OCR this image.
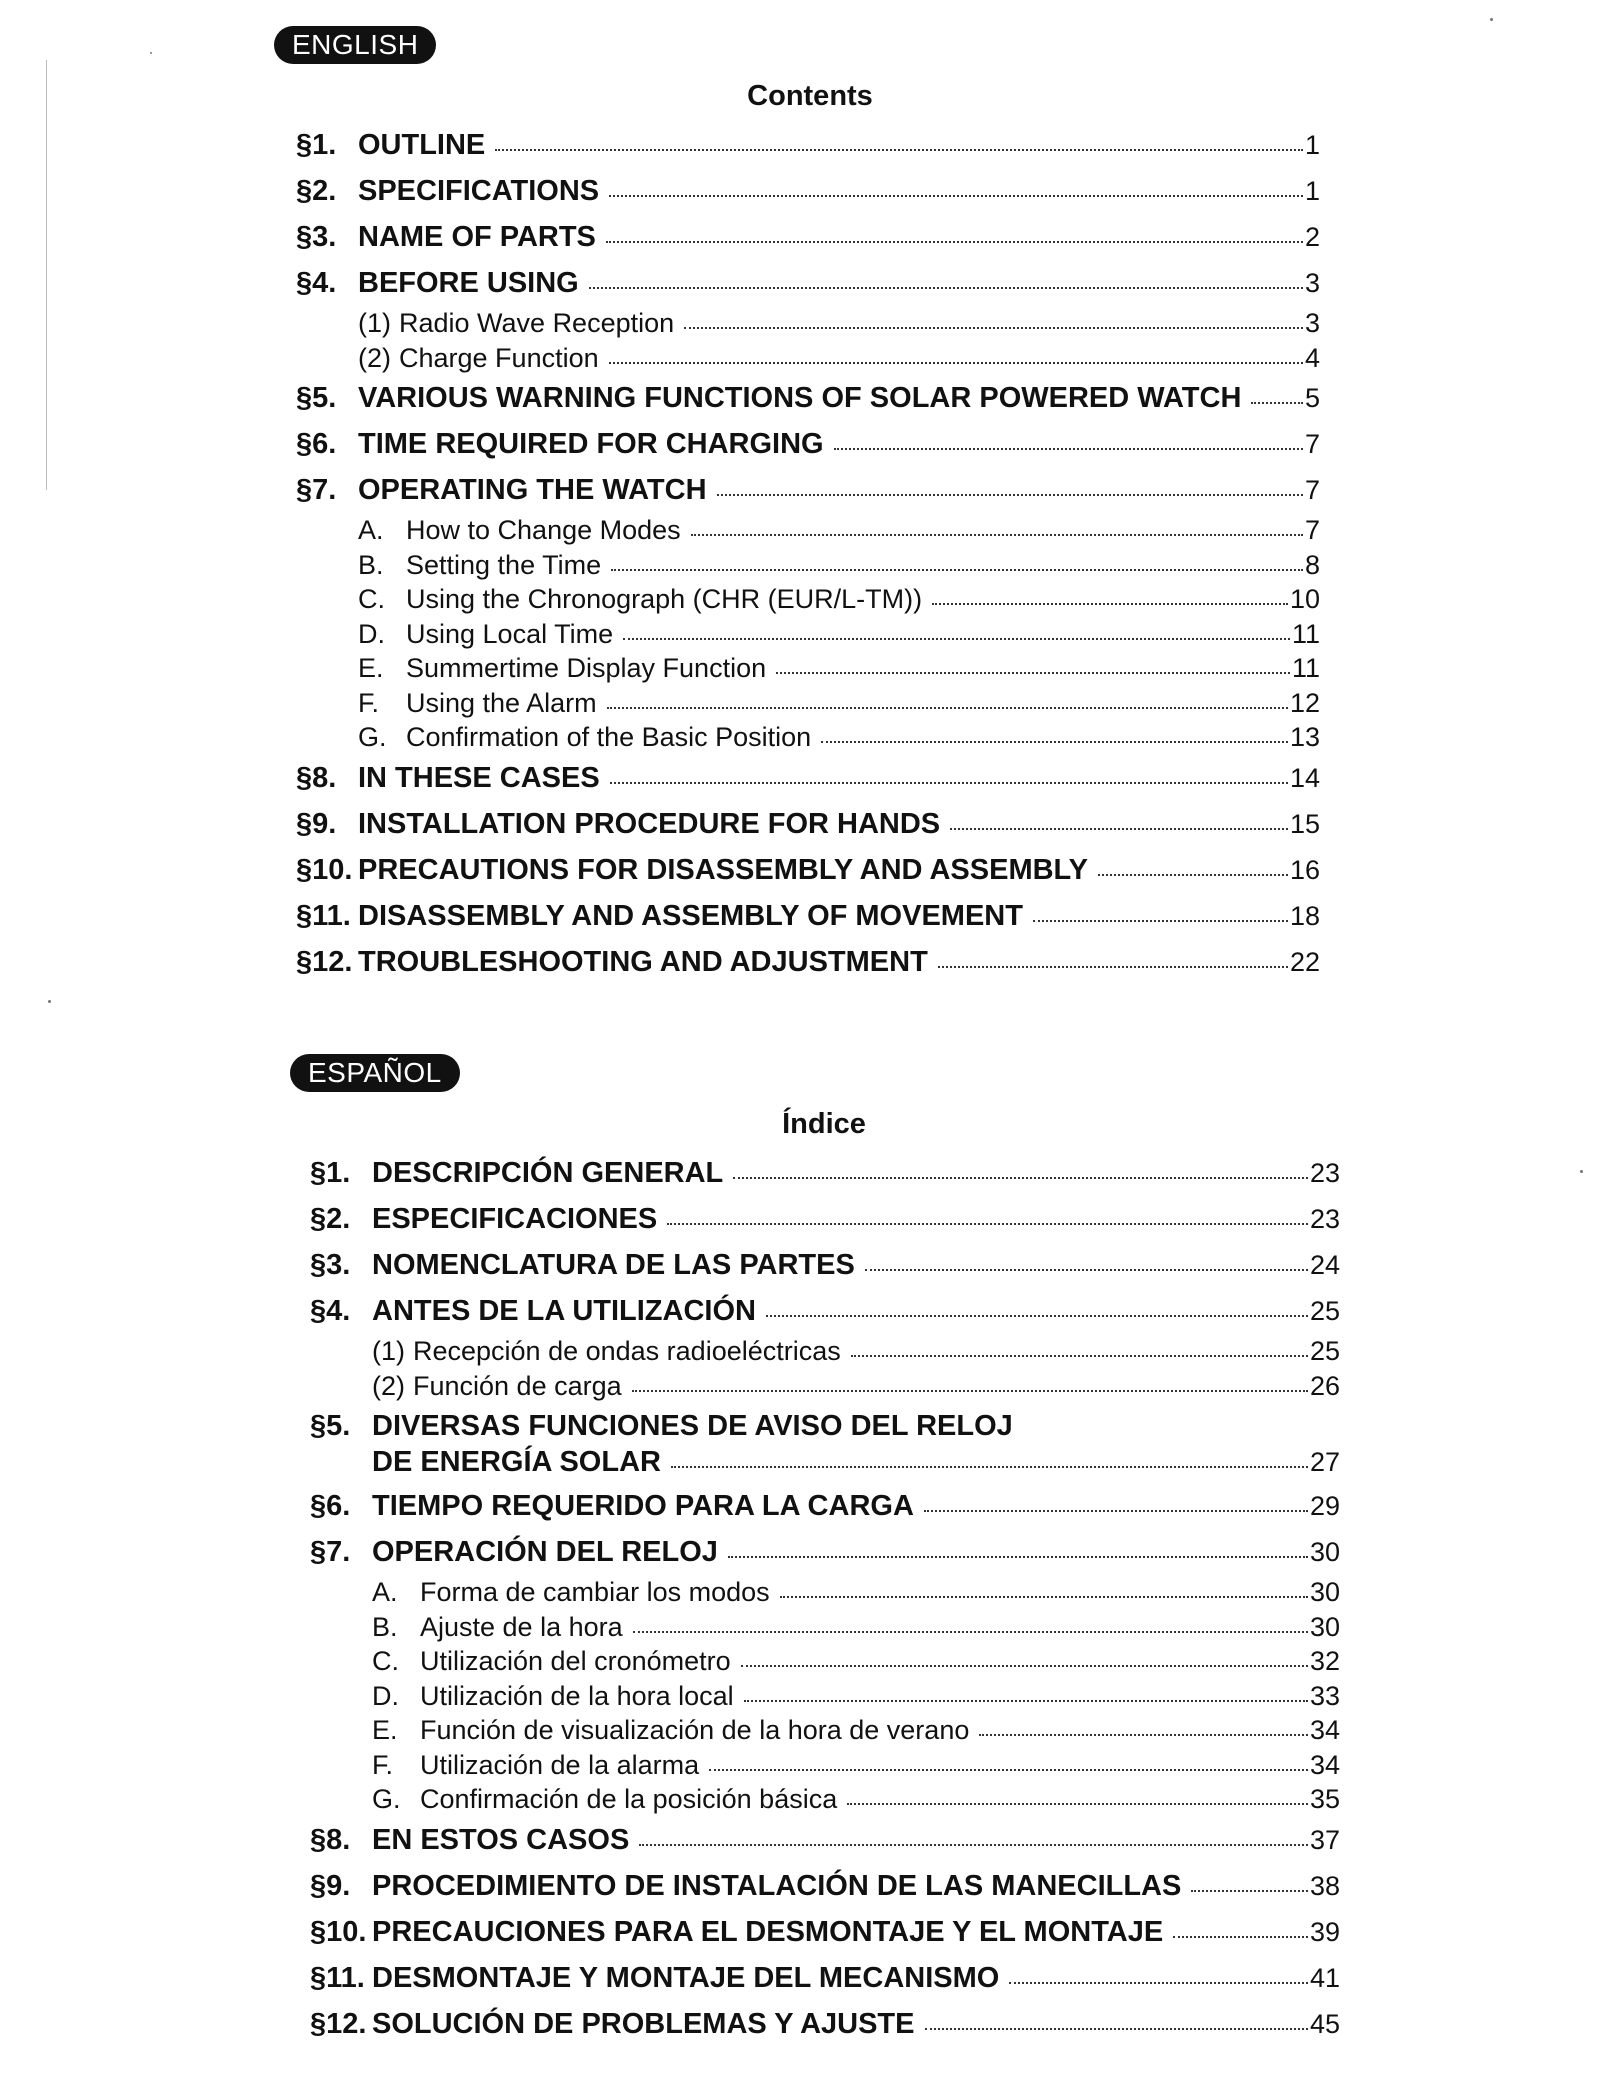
ENGLISH
Contents
§1. OUTLINE	1
§2. SPECIFICATIONS	1
§3. NAME OF PARTS	2
§4. BEFORE USING	3
(1) Radio Wave Reception	3
(2) Charge Function	4
§5. VARIOUS WARNING FUNCTIONS OF SOLAR POWERED WATCH 5
§6. TIME REQUIRED FOR CHARGING	7
§7. OPERATING THE WATCH	7
A. How to Change Modes	7
B. Setting the Time	8
C. Using the Chronograph (CHR (EUR/L-TM))	10
D. Using Local Time	11
E. Summertime Display Function	11
F. Using the Alarm	12
G. Confirmation of the Basic Position	13
§8. IN THESE CASES	14
§9. INSTALLATION PROCEDURE FOR HANDS	15
§10. PRECAUTIONS FOR DISASSEMBLY AND ASSEMBLY	16
§11. DISASSEMBLY AND ASSEMBLY OF MOVEMENT	18
§12. TROUBLESHOOTING AND ADJUSTMENT	22
ESPAÑOL
Índice
§1. DESCRIPCIÓN GENERAL	23
§2. ESPECIFICACIONES	23
§3. NOMENCLATURA DE LAS PARTES	24
§4. ANTES DE LA UTILIZACIÓN	25
(1) Recepción de ondas radioeléctricas	25
(2) Función de carga	26
§5. DIVERSAS FUNCIONES DE AVISO DEL RELOJ
DE ENERGÍA SOLAR	27
§6. TIEMPO REQUERIDO PARA LA CARGA	29
§7. OPERACIÓN DEL RELOJ	30
A. Forma de cambiar los modos	30
B. Ajuste de la hora	30
C. Utilización del cronómetro	32
D. Utilización de la hora local	33
E. Función de visualización de la hora de verano	34
F. Utilización de la alarma	34
G. Confirmación de la posición básica	35
§8. EN ESTOS CASOS	37
§9. PROCEDIMIENTO DE INSTALACIÓN DE LAS MANECILLAS	38
§10. PRECAUCIONES PARA EL DESMONTAJE Y EL MONTAJE	39
§11. DESMONTAJE Y MONTAJE DEL MECANISMO	41
§12. SOLUCIÓN DE PROBLEMAS Y AJUSTE	45
